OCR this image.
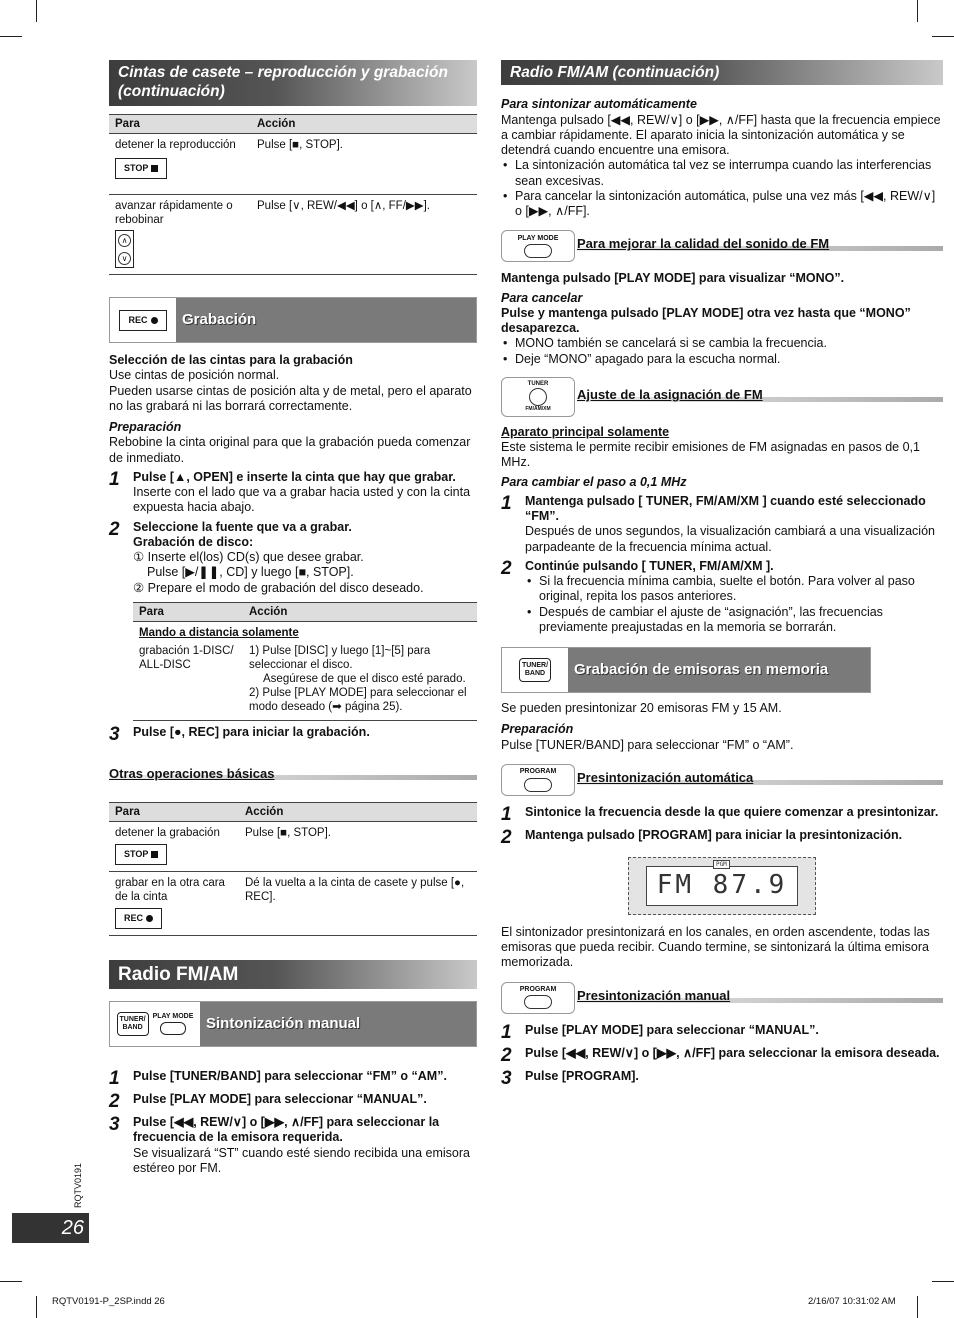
Cintas de casete – reproducción y grabación (continuación)
Para	Acción

detener la reproducción
STOP	Pulse [■, STOP].

avanzar rápidamente o rebobinar
∧
∨	Pulse [∨, REW/◀◀] o [∧, FF/▶▶].
REC	Grabación

Selección de las cintas para la grabación

Use cintas de posición normal.

Pueden usarse cintas de posición alta y de metal, pero el aparato no las grabará ni las borrará correctamente.

Preparación

Rebobine la cinta original para que la grabación pueda comenzar de inmediato.

1	Pulse [▲, OPEN] e inserte la cinta que hay que grabar.

Inserte con el lado que va a grabar hacia usted y con la cinta expuesta hacia abajo.

2	Seleccione la fuente que va a grabar.

Grabación de disco:

① Inserte el(los) CD(s) que desee grabar.

Pulse [▶/❚❚, CD] y luego [■, STOP].

② Prepare el modo de grabación del disco deseado.

Para	Acción
Mando a distancia solamente	
grabación 1-DISC/ ALL-DISC	1) Pulse [DISC] y luego [1]~[5] para seleccionar el disco.

Asegúrese de que el disco esté parado.

2) Pulse [PLAY MODE] para seleccionar el modo deseado (➡ página 25).

3	Pulse [●, REC] para iniciar la grabación.

Otras operaciones básicas
Para	Acción

detener la grabación
STOP	Pulse [■, STOP].

grabar en la otra cara de la cinta
REC	Dé la vuelta a la cinta de casete y pulse [●, REC].
Radio FM/AM
TUNER/ BAND
PLAY MODE Sintonización manual
1	Pulse [TUNER/BAND] para seleccionar “FM” o “AM”.

2	Pulse [PLAY MODE] para seleccionar “MANUAL”.

3	Pulse [◀◀, REW/∨] o [▶▶, ∧/FF] para seleccionar la frecuencia de la emisora requerida.

Se visualizará “ST” cuando esté siendo recibida una emisora estéreo por FM.

Radio FM/AM (continuación)

Para sintonizar automáticamente

Mantenga pulsado [◀◀, REW/∨] o [▶▶, ∧/FF] hasta que la frecuencia empiece a cambiar rápidamente. El aparato inicia la sintonización automática y se detendrá cuando encuentre una emisora.

• La sintonización automática tal vez se interrumpa cuando las interferencias sean excesivas.
• Para cancelar la sintonización automática, pulse una vez más [◀◀, REW/∨] o [▶▶, ∧/FF].
PLAY MODE Para mejorar la calidad del sonido de FM

Mantenga pulsado [PLAY MODE] para visualizar “MONO”.

Para cancelar

Pulse y mantenga pulsado [PLAY MODE] otra vez hasta que “MONO” desaparezca.

• MONO también se cancelará si se cambia la frecuencia.
• Deje “MONO” apagado para la escucha normal.
TUNER
FM/AM/XM
Ajuste de la asignación de FM

Aparato principal solamente

Este sistema le permite recibir emisiones de FM asignadas en pasos de 0,1 MHz.

Para cambiar el paso a 0,1 MHz

1	Mantenga pulsado [ TUNER, FM/AM/XM ] cuando esté seleccionado “FM”.

Después de unos segundos, la visualización cambiará a una visualización parpadeante de la frecuencia mínima actual.

2	Continúe pulsando [ TUNER, FM/AM/XM ].

• Si la frecuencia mínima cambia, suelte el botón. Para volver al paso original, repita los pasos anteriores.
• Después de cambiar el ajuste de “asignación”, las frecuencias previamente preajustadas en la memoria se borrarán.
TUNER/ BAND	Grabación de emisoras en memoria

Se pueden presintonizar 20 emisoras FM y 15 AM.

Preparación

Pulse [TUNER/BAND] para seleccionar “FM” o “AM”.

PROGRAM Presintonización automática
1	Sintonice la frecuencia desde la que quiere comenzar a presintonizar.

2	Mantenga pulsado [PROGRAM] para iniciar la presintonización.

PGM
FM 87.9

El sintonizador presintonizará en los canales, en orden ascendente, todas las emisoras que pueda recibir. Cuando termine, se sintonizará la última emisora memorizada.

PROGRAM Presintonización manual
1	Pulse [PLAY MODE] para seleccionar “MANUAL”.

2	Pulse [◀◀, REW/∨] o [▶▶, ∧/FF] para seleccionar la emisora deseada.

3	Pulse [PROGRAM].

RQTV0191
26
RQTV0191-P_2SP.indd 26	2/16/07 10:31:02 AM
